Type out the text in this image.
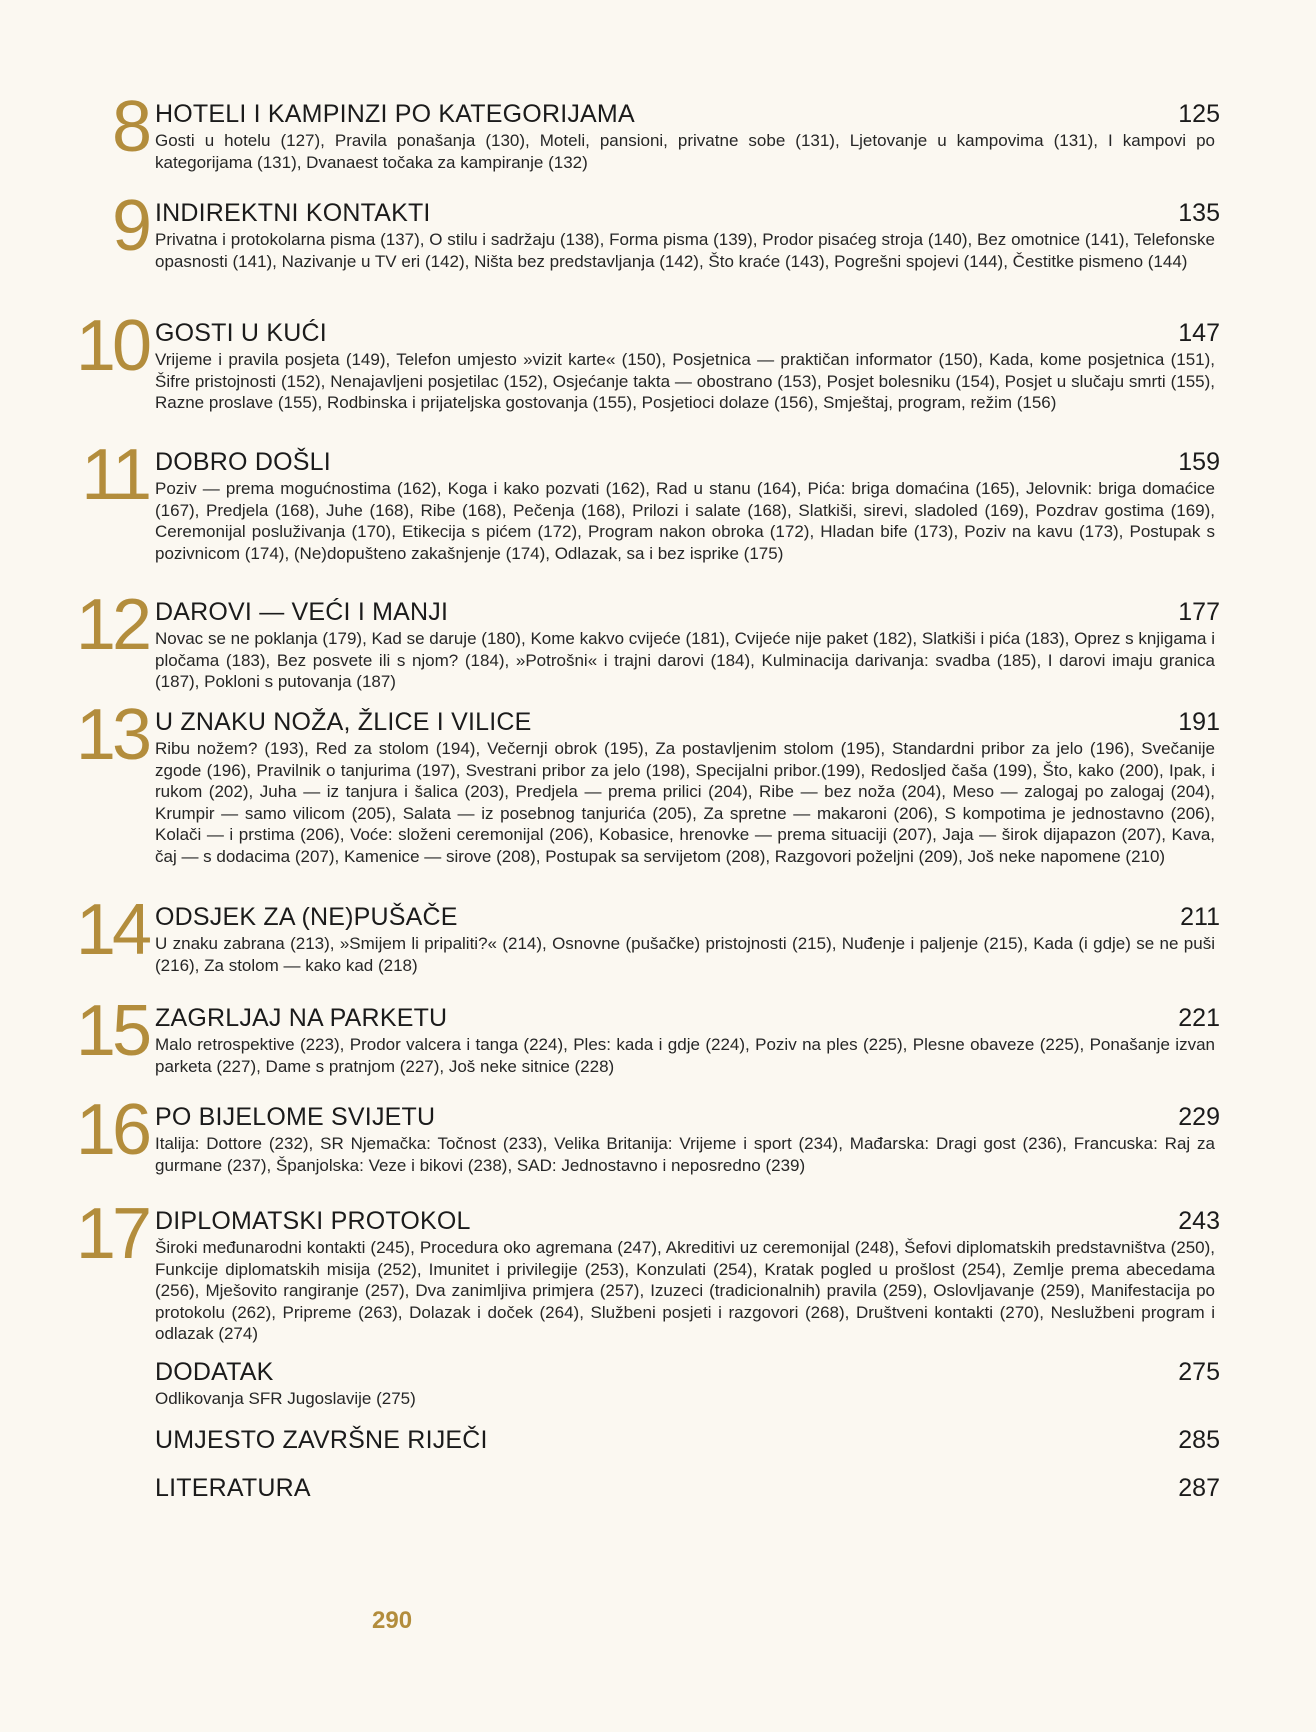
8 HOTELI I KAMPINZI PO KATEGORIJAMA	125
Gosti u hotelu (127), Pravila ponašanja (130), Moteli, pansioni, privatne sobe (131), Ljetovanje u kampovima (131), I kampovi po kategorijama (131), Dvanaest točaka za kampiranje (132)
9 INDIREKTNI KONTAKTI	135
Privatna i protokolarna pisma (137), O stilu i sadržaju (138), Forma pisma (139), Prodor pisaćeg stroja (140), Bez omotnice (141), Telefonske opasnosti (141), Nazivanje u TV eri (142), Ništa bez predstavljanja (142), Što kraće (143), Pogrešni spojevi (144), Čestitke pismeno (144)
10 GOSTI U KUĆI	147
Vrijeme i pravila posjeta (149), Telefon umjesto »vizit karte« (150), Posjetnica — praktičan informator (150), Kada, kome posjetnica (151), Šifre pristojnosti (152), Nenajavljeni posjetilac (152), Osjećanje takta — obostrano (153), Posjet bolesniku (154), Posjet u slučaju smrti (155), Razne proslave (155), Rodbinska i prijateljska gostovanja (155), Posjetioci dolaze (156), Smještaj, program, režim (156)
11 DOBRO DOŠLI	159
Poziv — prema mogućnostima (162), Koga i kako pozvati (162), Rad u stanu (164), Pića: briga domaćina (165), Jelovnik: briga domaćice (167), Predjela (168), Juhe (168), Ribe (168), Pečenja (168), Prilozi i salate (168), Slatkiši, sirevi, sladoled (169), Pozdrav gostima (169), Ceremonijal posluživanja (170), Etikecija s pićem (172), Program nakon obroka (172), Hladan bife (173), Poziv na kavu (173), Postupak s pozivnicom (174), (Ne)dopušteno zakašnjenje (174), Odlazak, sa i bez isprike (175)
12 DAROVI — VEĆI I MANJI	177
Novac se ne poklanja (179), Kad se daruje (180), Kome kakvo cvijeće (181), Cvijeće nije paket (182), Slatkiši i pića (183), Oprez s knjigama i pločama (183), Bez posvete ili s njom? (184), »Potrošni« i trajni darovi (184), Kulminacija darivanja: svadba (185), I darovi imaju granica (187), Pokloni s putovanja (187)
13 U ZNAKU NOŽA, ŽLICE I VILICE	191
Ribu nožem? (193), Red za stolom (194), Večernji obrok (195), Za postavljenim stolom (195), Standardni pribor za jelo (196), Svečanije zgode (196), Pravilnik o tanjurima (197), Svestrani pribor za jelo (198), Specijalni pribor.(199), Redosljed čaša (199), Što, kako (200), Ipak, i rukom (202), Juha — iz tanjura i šalica (203), Predjela — prema prilici (204), Ribe — bez noža (204), Meso — zalogaj po zalogaj (204), Krumpir — samo vilicom (205), Salata — iz posebnog tanjurića (205), Za spretne — makaroni (206), S kompotima je jednostavno (206), Kolači — i prstima (206), Voće: složeni ceremonijal (206), Kobasice, hrenovke — prema situaciji (207), Jaja — širok dijapazon (207), Kava, čaj — s dodacima (207), Kamenice — sirove (208), Postupak sa servijetom (208), Razgovori poželjni (209), Još neke napomene (210)
14 ODSJEK ZA (NE)PUŠAČE	211
U znaku zabrana (213), »Smijem li pripaliti?« (214), Osnovne (pušačke) pristojnosti (215), Nuđenje i paljenje (215), Kada (i gdje) se ne puši (216), Za stolom — kako kad (218)
15 ZAGRLJAJ NA PARKETU	221
Malo retrospektive (223), Prodor valcera i tanga (224), Ples: kada i gdje (224), Poziv na ples (225), Plesne obaveze (225), Ponašanje izvan parketa (227), Dame s pratnjom (227), Još neke sitnice (228)
16 PO BIJELOME SVIJETU	229
Italija: Dottore (232), SR Njemačka: Točnost (233), Velika Britanija: Vrijeme i sport (234), Mađarska: Dragi gost (236), Francuska: Raj za gurmane (237), Španjolska: Veze i bikovi (238), SAD: Jednostavno i neposredno (239)
17 DIPLOMATSKI PROTOKOL	243
Široki međunarodni kontakti (245), Procedura oko agremana (247), Akreditivi uz ceremonijal (248), Šefovi diplomatskih predstavništva (250), Funkcije diplomatskih misija (252), Imunitet i privilegije (253), Konzulati (254), Kratak pogled u prošlost (254), Zemlje prema abecedama (256), Mješovito rangiranje (257), Dva zanimljiva primjera (257), Izuzeci (tradicionalnih) pravila (259), Oslovljavanje (259), Manifestacija po protokolu (262), Pripreme (263), Dolazak i doček (264), Službeni posjeti i razgovori (268), Društveni kontakti (270), Neslužbeni program i odlazak (274)
DODATAK	275
Odlikovanja SFR Jugoslavije (275)
UMJESTO ZAVRŠNE RIJEČI	285
LITERATURA	287
290
